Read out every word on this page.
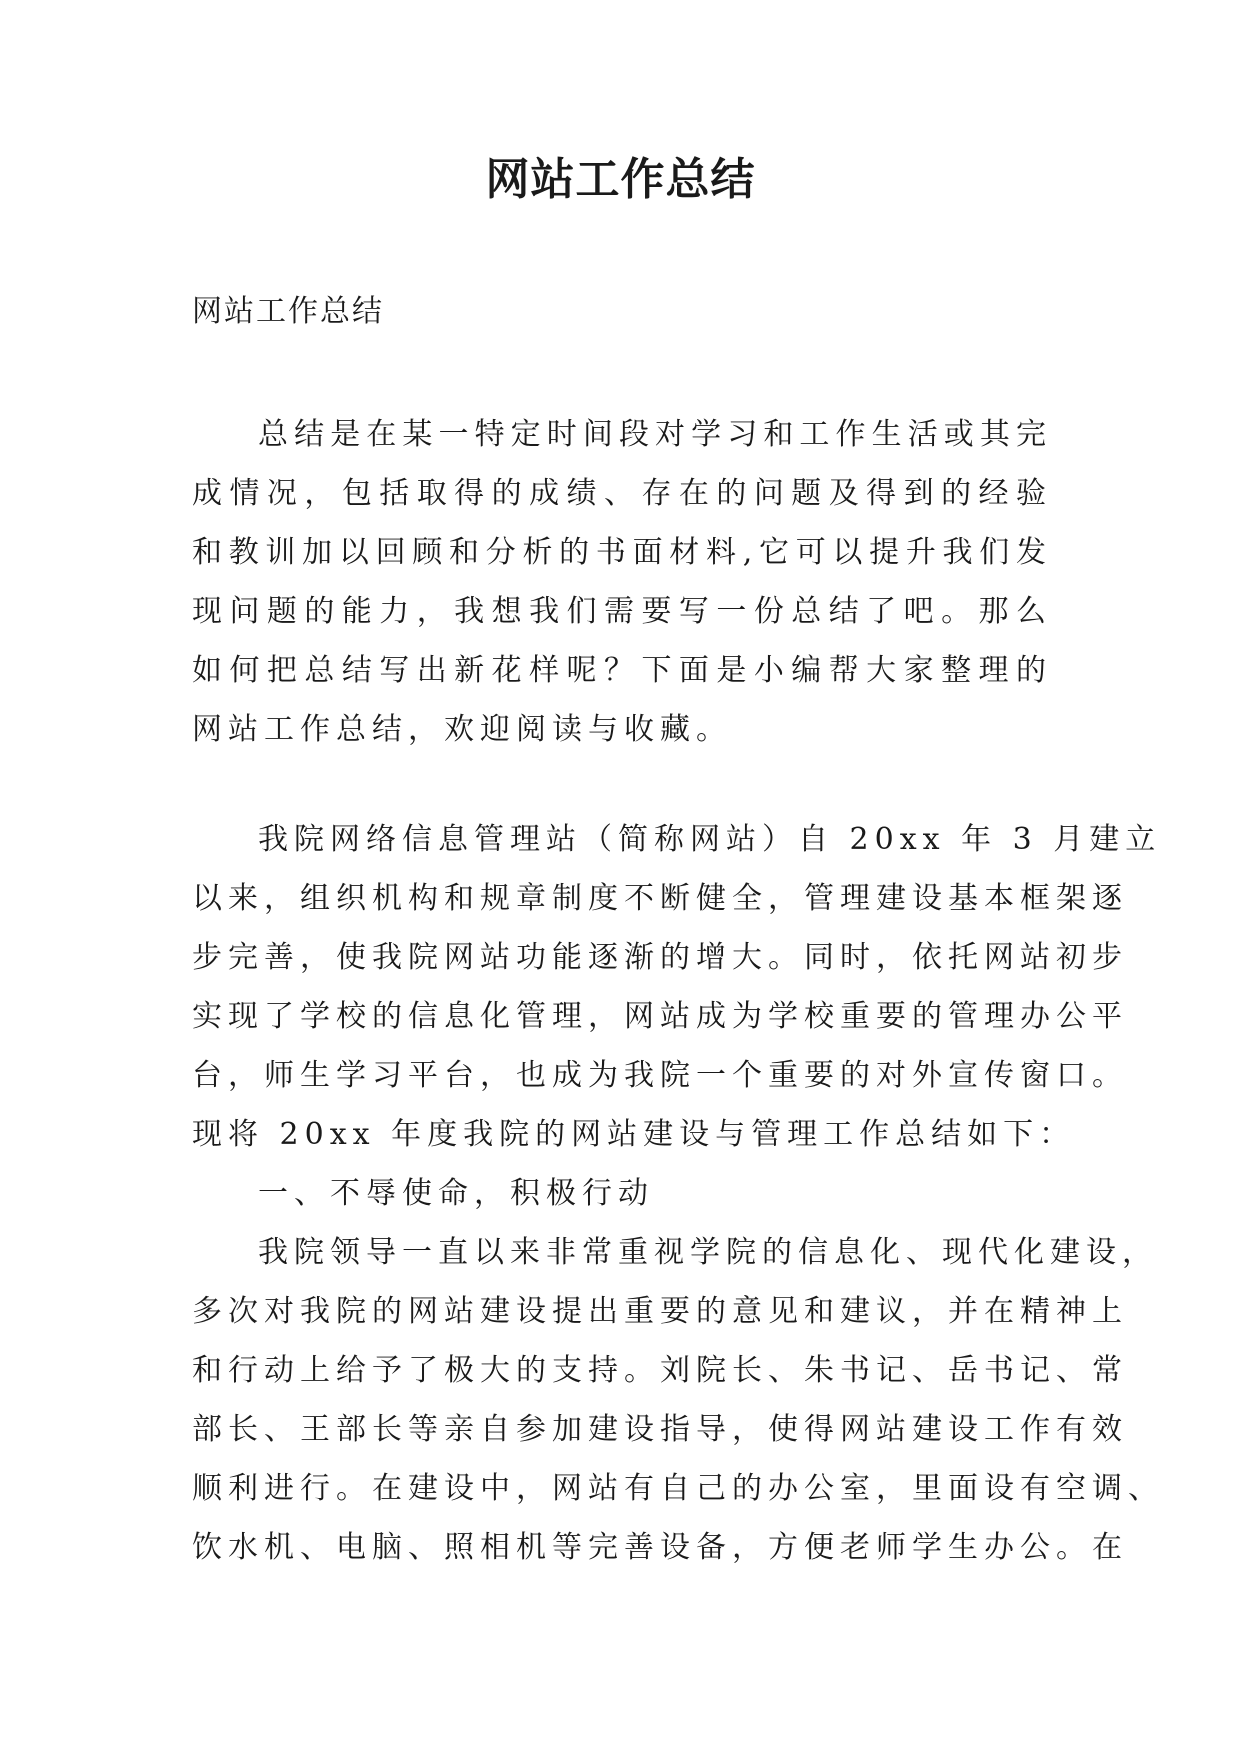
网站工作总结
网站工作总结
总结是在某一特定时间段对学习和工作生活或其完成情况，包括取得的成绩、存在的问题及得到的经验和教训加以回顾和分析的书面材料,它可以提升我们发现问题的能力，我想我们需要写一份总结了吧。那么如何把总结写出新花样呢？下面是小编帮大家整理的网站工作总结，欢迎阅读与收藏。
我院网络信息管理站（简称网站）自 20xx 年 3 月建立
以来，组织机构和规章制度不断健全，管理建设基本框架逐
步完善，使我院网站功能逐渐的增大。同时，依托网站初步
实现了学校的信息化管理，网站成为学校重要的管理办公平
台，师生学习平台，也成为我院一个重要的对外宣传窗口。
现将 20xx 年度我院的网站建设与管理工作总结如下：
一、不辱使命，积极行动
我院领导一直以来非常重视学院的信息化、现代化建设，
多次对我院的网站建设提出重要的意见和建议，并在精神上
和行动上给予了极大的支持。刘院长、朱书记、岳书记、常
部长、王部长等亲自参加建设指导，使得网站建设工作有效
顺利进行。在建设中，网站有自己的办公室，里面设有空调、
饮水机、电脑、照相机等完善设备，方便老师学生办公。在
